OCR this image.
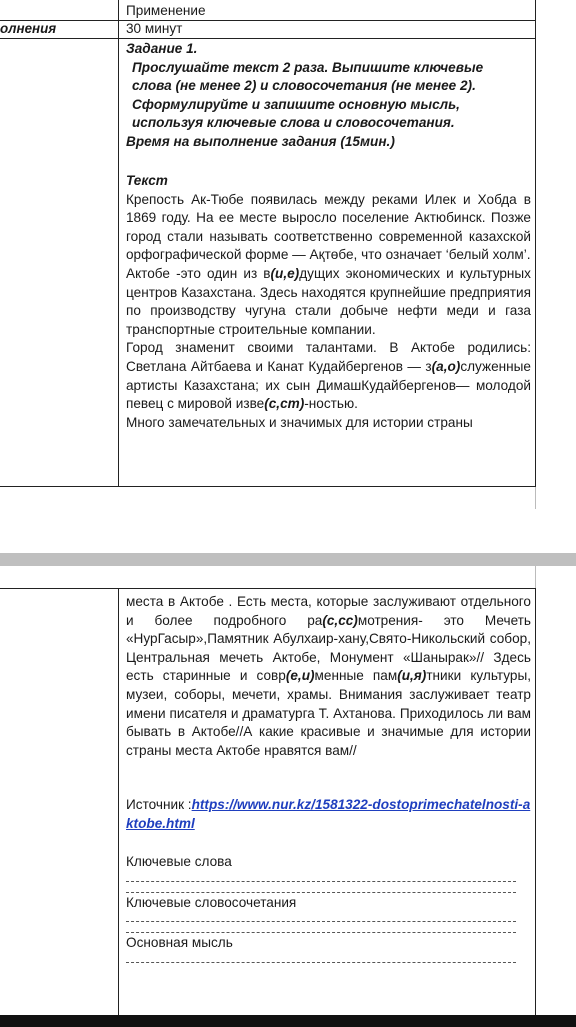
Применение
олнения	30 минут
Задание 1.
Прослушайте текст 2 раза. Выпишите ключевые
слова (не менее 2) и словосочетания (не менее 2).
Сформулируйте и запишите основную мысль,
используя ключевые слова и словосочетания.
Время на выполнение задания (15мин.)
Текст

Крепость Ак-Тюбе появилась между реками Илек и Хобда в 1869 году. На ее месте выросло поселение Актюбинск. Позже город стали называть соответственно современной казахской орфографической форме — Ақтөбе, что означает ‘белый холм’.

Актобе -это один из в(и,е)дущих экономических и культурных центров Казахстана. Здесь находятся крупнейшие предприятия по производству чугуна стали добыче нефти меди и газа транспортные строительные компании.

Город знаменит своими талантами. В Актобе родились: Светлана Айтбаева и Канат Кудайбергенов — з(а,о)служенные артисты Казахстана; их сын ДимашКудайбергенов— молодой певец с мировой изве(с,ст)-ностью.

Много замечательных и значимых для истории страны

места в Актобе . Есть места, которые заслуживают отдельного и более подробного ра(с,сс)мотрения- это Мечеть «НурГасыр»,Памятник Абулхаир-хану,Свято-Никольский собор, Центральная мечеть Актобе, Монумент «Шанырак»// Здесь есть старинные и совр(е,и)менные пам(и,я)тники культуры, музеи, соборы, мечети, храмы. Внимания заслуживает театр имени писателя и драматурга Т. Ахтанова. Приходилось ли вам бывать в Актобе//А какие красивые и значимые для истории страны места Актобе нравятся вам//

Источник :https://www.nur.kz/1581322-dostoprimechatelnosti-aktobe.html
Ключевые слова
Ключевые словосочетания
Основная мысль
